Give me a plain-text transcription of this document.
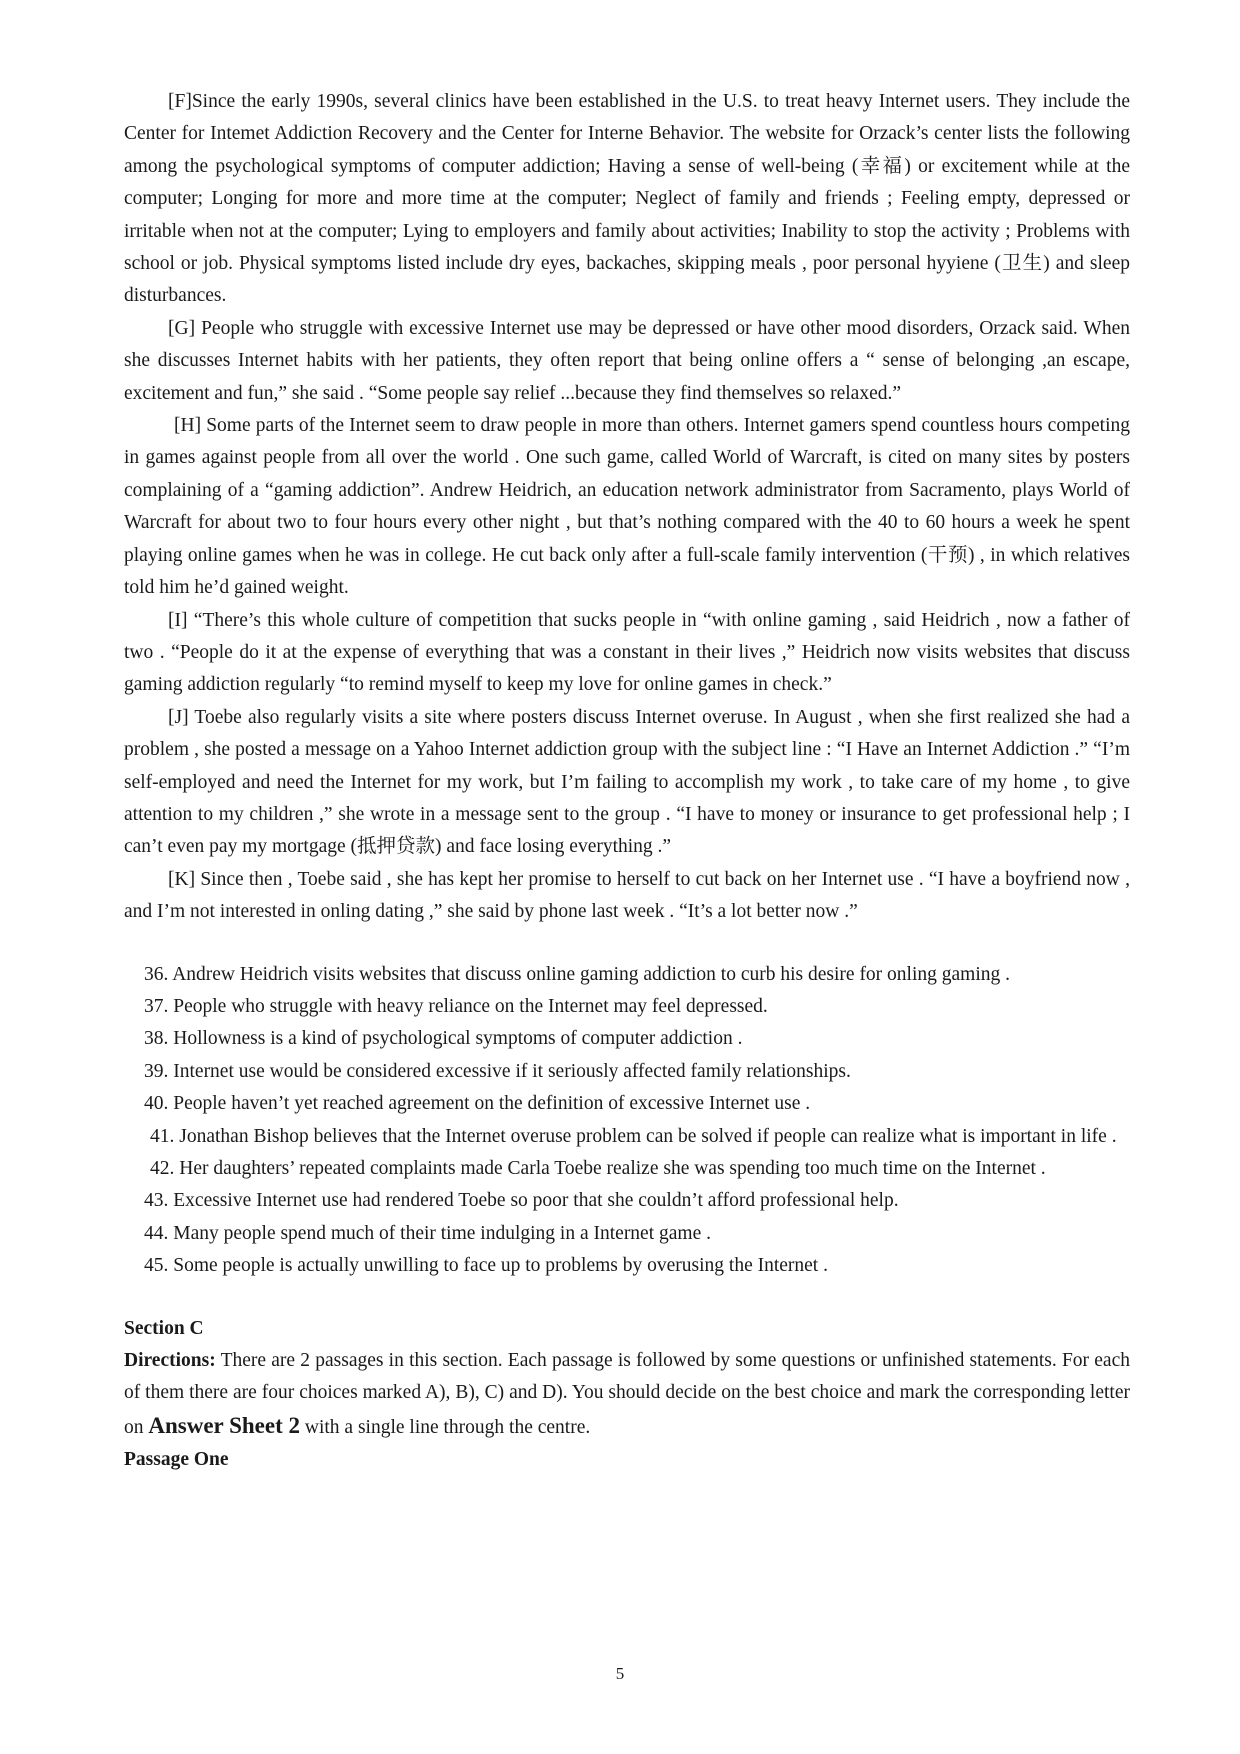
[F]Since the early 1990s, several clinics have been established in the U.S. to treat heavy Internet users. They include the Center for Intemet Addiction Recovery and the Center for Interne Behavior. The website for Orzack’s center lists the following among the psychological symptoms of computer addiction; Having a sense of well-being (幸福) or excitement while at the computer; Longing for more and more time at the computer; Neglect of family and friends ; Feeling empty, depressed or irritable when not at the computer; Lying to employers and family about activities; Inability to stop the activity ; Problems with school or job. Physical symptoms listed include dry eyes, backaches, skipping meals , poor personal hyyiene (卫生) and sleep disturbances.

[G] People who struggle with excessive Internet use may be depressed or have other mood disorders, Orzack said. When she discusses Internet habits with her patients, they often report that being online offers a “ sense of belonging ,an escape, excitement and fun,” she said . “Some people say relief ...because they find themselves so relaxed.”

[H] Some parts of the Internet seem to draw people in more than others. Internet gamers spend countless hours competing in games against people from all over the world . One such game, called World of Warcraft, is cited on many sites by posters complaining of a “gaming addiction”. Andrew Heidrich, an education network administrator from Sacramento, plays World of Warcraft for about two to four hours every other night , but that’s nothing compared with the 40 to 60 hours a week he spent playing online games when he was in college. He cut back only after a full-scale family intervention (干预) , in which relatives told him he’d gained weight.

[I] “There’s this whole culture of competition that sucks people in “with online gaming , said Heidrich , now a father of two . “People do it at the expense of everything that was a constant in their lives ,” Heidrich now visits websites that discuss gaming addiction regularly “to remind myself to keep my love for online games in check.”

[J] Toebe also regularly visits a site where posters discuss Internet overuse. In August , when she first realized she had a problem , she posted a message on a Yahoo Internet addiction group with the subject line : “I Have an Internet Addiction .” “I’m self-employed and need the Internet for my work, but I’m failing to accomplish my work , to take care of my home , to give attention to my children ,” she wrote in a message sent to the group . “I have to money or insurance to get professional help ; I can’t even pay my mortgage (抵押贷款) and face losing everything .”

[K] Since then , Toebe said , she has kept her promise to herself to cut back on her Internet use . “I have a boyfriend now , and I’m not interested in onling dating ,” she said by phone last week . “It’s a lot better now .”

36. Andrew Heidrich visits websites that discuss online gaming addiction to curb his desire for onling gaming .
37. People who struggle with heavy reliance on the Internet may feel depressed.
38. Hollowness is a kind of psychological symptoms of computer addiction .
39. Internet use would be considered excessive if it seriously affected family relationships.
40. People haven’t yet reached agreement on the definition of excessive Internet use .
41. Jonathan Bishop believes that the Internet overuse problem can be solved if people can realize what is important in life .
42. Her daughters’ repeated complaints made Carla Toebe realize she was spending too much time on the Internet .
43. Excessive Internet use had rendered Toebe so poor that she couldn’t afford professional help.
44. Many people spend much of their time indulging in a Internet game .
45. Some people is actually unwilling to face up to problems by overusing the Internet .

Section C

Directions: There are 2 passages in this section. Each passage is followed by some questions or unfinished statements. For each of them there are four choices marked A), B), C) and D). You should decide on the best choice and mark the corresponding letter on Answer Sheet 2 with a single line through the centre.

Passage One

5
